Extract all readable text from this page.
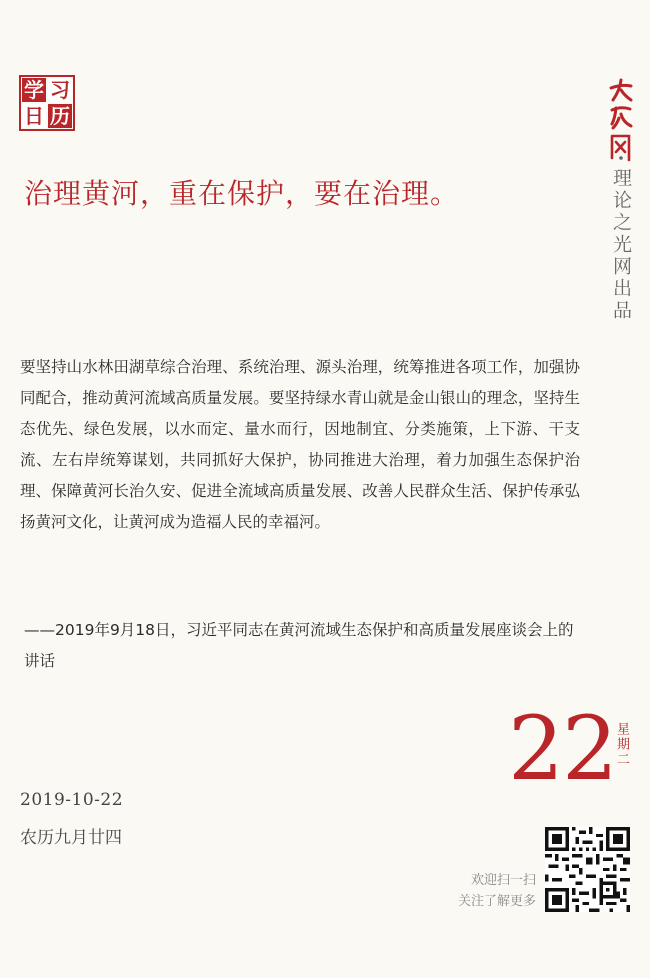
学 习
日 历
理论之光网出品
治理黄河，重在保护，要在治理。
要坚持山水林田湖草综合治理、系统治理、源头治理，统筹推进各项工作，加强协同配合，推动黄河流域高质量发展。要坚持绿水青山就是金山银山的理念，坚持生态优先、绿色发展，以水而定、量水而行，因地制宜、分类施策，上下游、干支流、左右岸统筹谋划，共同抓好大保护，协同推进大治理，着力加强生态保护治理、保障黄河长治久安、促进全流域高质量发展、改善人民群众生活、保护传承弘扬黄河文化，让黄河成为造福人民的幸福河。
——2019年9月18日，习近平同志在黄河流域生态保护和高质量发展座谈会上的讲话
22
星期二
2019-10-22
农历九月廿四
欢迎扫一扫
关注了解更多
